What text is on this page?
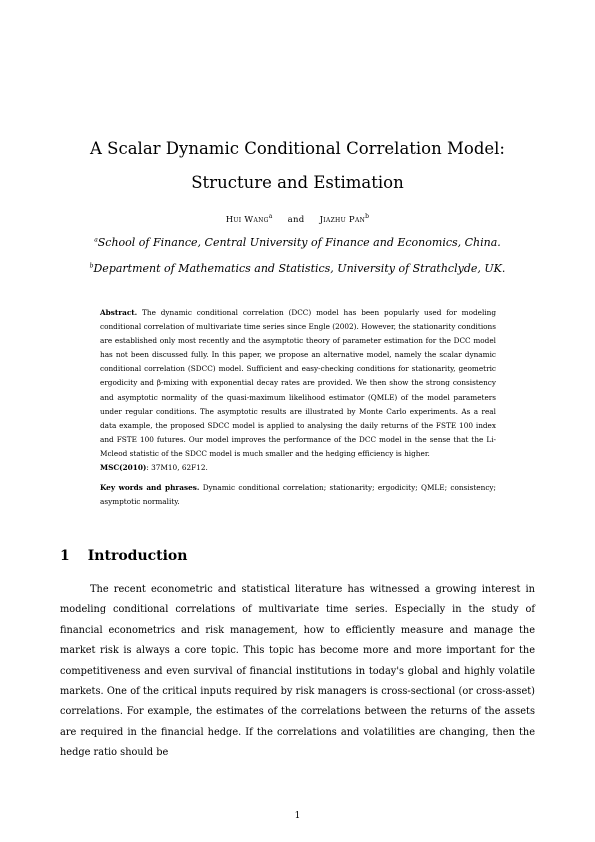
A Scalar Dynamic Conditional Correlation Model:
Structure and Estimation
Hui Wang$^a$ and Jiazhu Pan$^b$
$^a$School of Finance, Central University of Finance and Economics, China.
$^b$Department of Mathematics and Statistics, University of Strathclyde, UK.

Abstract. The dynamic conditional correlation (DCC) model has been popularly used for modeling conditional correlation of multivariate time series since Engle (2002). However, the stationarity conditions are established only most recently and the asymptotic theory of parameter estimation for the DCC model has not been discussed fully. In this paper, we propose an alternative model, namely the scalar dynamic conditional correlation (SDCC) model. Sufficient and easy-checking conditions for stationarity, geometric ergodicity and β-mixing with exponential decay rates are provided. We then show the strong consistency and asymptotic normality of the quasi-maximum likelihood estimator (QMLE) of the model parameters under regular conditions. The asymptotic results are illustrated by Monte Carlo experiments. As a real data example, the proposed SDCC model is applied to analysing the daily returns of the FSTE 100 index and FSTE 100 futures. Our model improves the performance of the DCC model in the sense that the Li-Mcleod statistic of the SDCC model is much smaller and the hedging efficiency is higher.

MSC(2010): 37M10, 62F12.

Key words and phrases. Dynamic conditional correlation; stationarity; ergodicity; QMLE; consistency; asymptotic normality.

1 Introduction

The recent econometric and statistical literature has witnessed a growing interest in modeling conditional correlations of multivariate time series. Especially in the study of financial econometrics and risk management, how to efficiently measure and manage the market risk is always a core topic. This topic has become more and more important for the competitiveness and even survival of financial institutions in today's global and highly volatile markets. One of the critical inputs required by risk managers is cross-sectional (or cross-asset) correlations. For example, the estimates of the correlations between the returns of the assets are required in the financial hedge. If the correlations and volatilities are changing, then the hedge ratio should be

1
